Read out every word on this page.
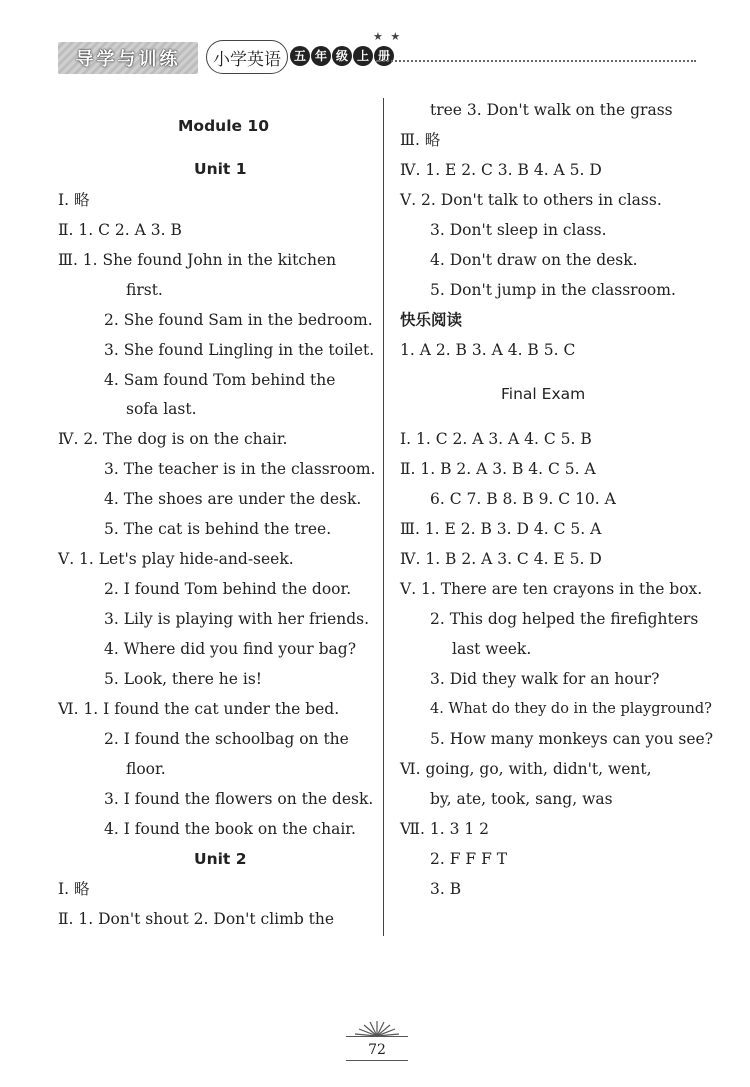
导学与训练	小学英语	五 年 级 上 册
★ ★
Module 10
Unit 1
Ⅰ. 略
Ⅱ. 1. C 2. A 3. B
Ⅲ. 1. She found John in the kitchen
first.
2. She found Sam in the bedroom.
3. She found Lingling in the toilet.
4. Sam found Tom behind the
sofa last.
Ⅳ. 2. The dog is on the chair.
3. The teacher is in the classroom.
4. The shoes are under the desk.
5. The cat is behind the tree.
Ⅴ. 1. Let's play hide-and-seek.
2. I found Tom behind the door.
3. Lily is playing with her friends.
4. Where did you find your bag?
5. Look, there he is!
Ⅵ. 1. I found the cat under the bed.
2. I found the schoolbag on the
floor.
3. I found the flowers on the desk.
4. I found the book on the chair.
Unit 2
Ⅰ. 略
Ⅱ. 1. Don't shout 2. Don't climb the
tree 3. Don't walk on the grass
Ⅲ. 略
Ⅳ. 1. E 2. C 3. B 4. A 5. D
Ⅴ. 2. Don't talk to others in class.
3. Don't sleep in class.
4. Don't draw on the desk.
5. Don't jump in the classroom.
快乐阅读
1. A 2. B 3. A 4. B 5. C
Final Exam
Ⅰ. 1. C 2. A 3. A 4. C 5. B
Ⅱ. 1. B 2. A 3. B 4. C 5. A
6. C 7. B 8. B 9. C 10. A
Ⅲ. 1. E 2. B 3. D 4. C 5. A
Ⅳ. 1. B 2. A 3. C 4. E 5. D
Ⅴ. 1. There are ten crayons in the box.
2. This dog helped the firefighters
last week.
3. Did they walk for an hour?
4. What do they do in the playground?
5. How many monkeys can you see?
Ⅵ. going, go, with, didn't, went,
by, ate, took, sang, was
Ⅶ. 1. 3 1 2
2. F F F T
3. B
72
